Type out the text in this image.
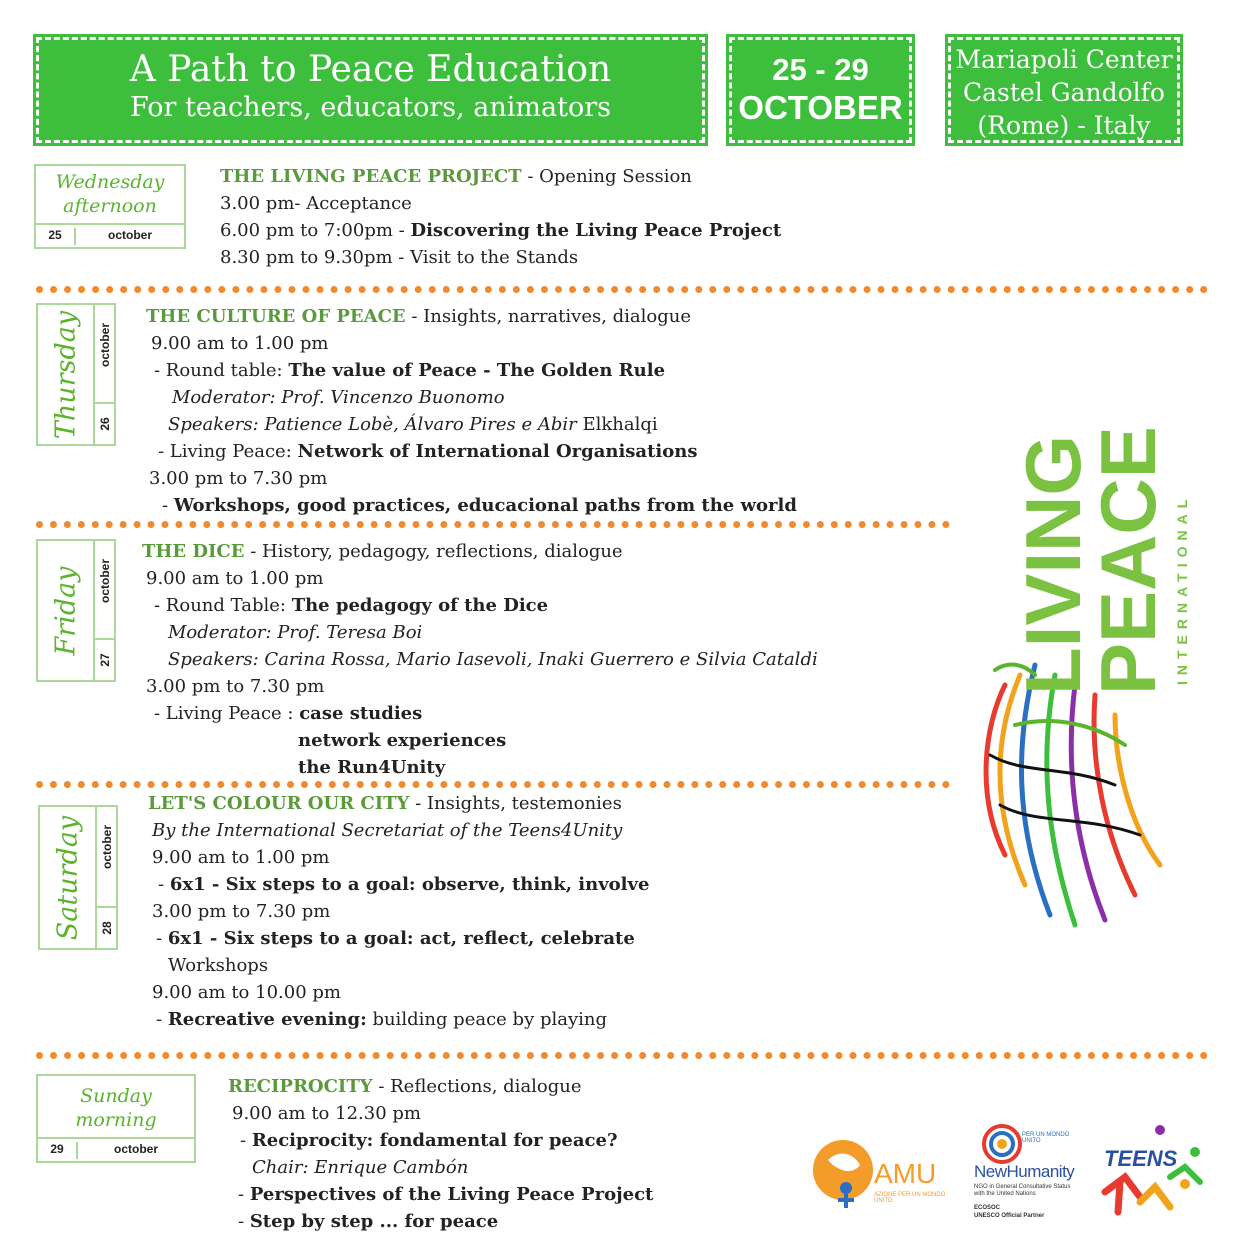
A Path to Peace Education
For teachers, educators, animators
25 - 29
OCTOBER
Mariapoli Center
Castel Gandolfo
(Rome) - Italy
Wednesday
afternoon
25	october
THE LIVING PEACE PROJECT - Opening Session
3.00 pm- Acceptance
6.00 pm to 7:00pm - Discovering the Living Peace Project
8.30 pm to 9.30pm - Visit to the Stands
Thursday october
26
THE CULTURE OF PEACE - Insights, narratives, dialogue
9.00 am to 1.00 pm
- Round table: The value of Peace - The Golden Rule
Moderator: Prof. Vincenzo Buonomo
Speakers: Patience Lobè, Álvaro Pires e Abir Elkhalqi
- Living Peace: Network of International Organisations
3.00 pm to 7.30 pm
- Workshops, good practices, educacional paths from the world
Friday october
27
THE DICE - History, pedagogy, reflections, dialogue
9.00 am to 1.00 pm
- Round Table: The pedagogy of the Dice
Moderator: Prof. Teresa Boi
Speakers: Carina Rossa, Mario Iasevoli, Inaki Guerrero e Silvia Cataldi
3.00 pm to 7.30 pm
- Living Peace : case studies
network experiences
the Run4Unity
Saturday october
28
LET'S COLOUR OUR CITY - Insights, testemonies
By the International Secretariat of the Teens4Unity
9.00 am to 1.00 pm
- 6x1 - Six steps to a goal: observe, think, involve
3.00 pm to 7.30 pm
- 6x1 - Six steps to a goal: act, reflect, celebrate
Workshops
9.00 am to 10.00 pm
- Recreative evening: building peace by playing
Sunday
morning
29	october
RECIPROCITY - Reflections, dialogue
9.00 am to 12.30 pm
- Reciprocity: fondamental for peace?
Chair: Enrique Cambón
- Perspectives of the Living Peace Project
- Step by step ... for peace
LIVING
PEACE INTERNATIONAL
AMU
AZIONE PER UN MONDO UNITO
PER UN MONDO UNITO
NewHumanity
NGO in General Consultative Status with the United Nations
ECOSOC
UNESCO Official Partner
TEENS
